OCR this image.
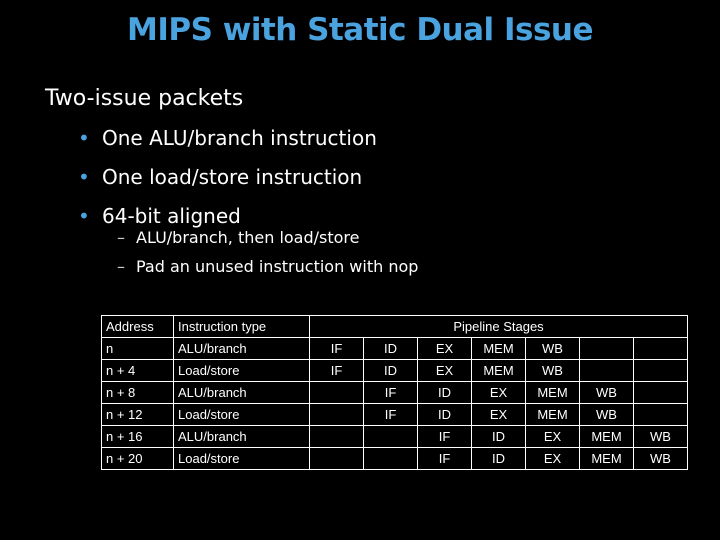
MIPS with Static Dual Issue
Two-issue packets
• One ALU/branch instruction
• One load/store instruction
• 64-bit aligned
– ALU/branch, then load/store
– Pad an unused instruction with nop
Address	Instruction type	Pipeline Stages						
n	ALU/branch	IF	ID	EX	MEM	WB		
n + 4	Load/store	IF	ID	EX	MEM	WB		
n + 8	ALU/branch		IF	ID	EX	MEM	WB	
n + 12	Load/store		IF	ID	EX	MEM	WB	
n + 16	ALU/branch			IF	ID	EX	MEM	WB
n + 20	Load/store			IF	ID	EX	MEM	WB
